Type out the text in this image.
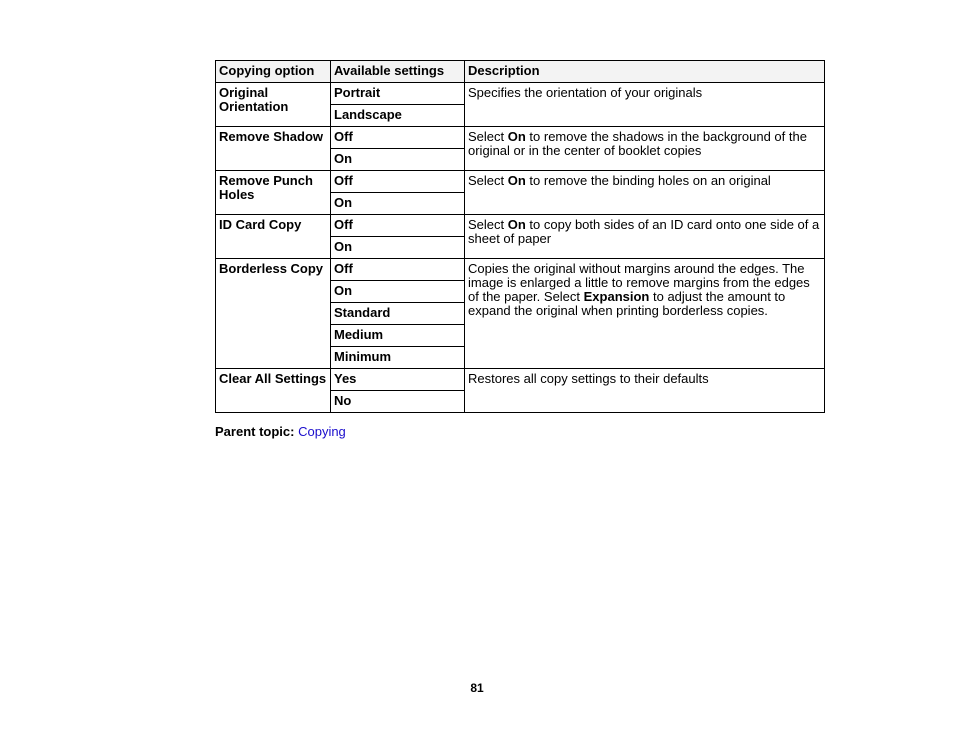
Copying option	Available settings	Description
Original Orientation	Portrait	Specifies the orientation of your originals
	Landscape	
Remove Shadow	Off	Select On to remove the shadows in the background of the original or in the center of booklet copies
	On	
Remove Punch Holes	Off	Select On to remove the binding holes on an original
	On	
ID Card Copy	Off	Select On to copy both sides of an ID card onto one side of a sheet of paper
	On	
Borderless Copy	Off	Copies the original without margins around the edges. The image is enlarged a little to remove margins from the edges of the paper. Select Expansion to adjust the amount to expand the original when printing borderless copies.
	On	
	Standard	
	Medium	
	Minimum	
Clear All Settings	Yes	Restores all copy settings to their defaults
	No	
Parent topic: Copying
81
